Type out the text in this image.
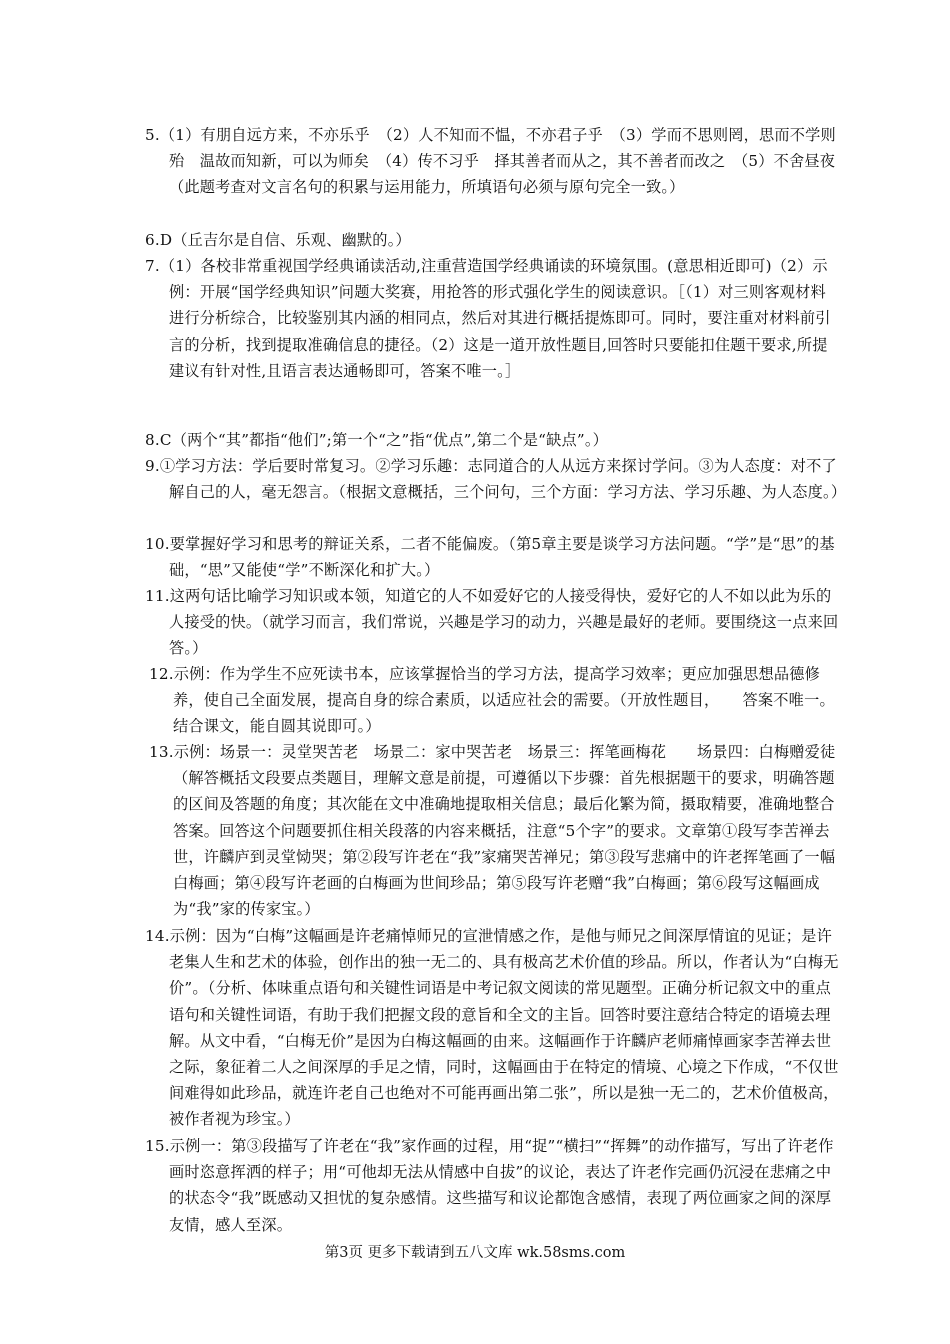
5.（1）有朋自远方来，不亦乐乎　（2）人不知而不愠，不亦君子乎　（3）学而不思则罔，思而不学则殆　温故而知新，可以为师矣　（4）传不习乎　择其善者而从之，其不善者而改之　（5）不舍昼夜（此题考查对文言名句的积累与运用能力，所填语句必须与原句完全一致。）
6.D（丘吉尔是自信、乐观、幽默的。）
7.（1）各校非常重视国学经典诵读活动,注重营造国学经典诵读的环境氛围。(意思相近即可)（2）示例：开展“国学经典知识”问题大奖赛，用抢答的形式强化学生的阅读意识。［（1）对三则客观材料进行分析综合，比较鉴别其内涵的相同点，然后对其进行概括提炼即可。同时，要注重对材料前引言的分析，找到提取准确信息的捷径。（2）这是一道开放性题目,回答时只要能扣住题干要求,所提建议有针对性,且语言表达通畅即可，答案不唯一。］
8.C（两个“其”都指“他们”;第一个“之”指“优点”,第二个是“缺点”。）
9.①学习方法：学后要时常复习。②学习乐趣：志同道合的人从远方来探讨学问。③为人态度：对不了解自己的人，毫无怨言。（根据文意概括，三个问句，三个方面：学习方法、学习乐趣、为人态度。）
10.要掌握好学习和思考的辩证关系，二者不能偏废。（第5章主要是谈学习方法问题。“学”是“思”的基础，“思”又能使“学”不断深化和扩大。）
11.这两句话比喻学习知识或本领，知道它的人不如爱好它的人接受得快，爱好它的人不如以此为乐的人接受的快。（就学习而言，我们常说，兴趣是学习的动力，兴趣是最好的老师。要围绕这一点来回答。）
12.示例：作为学生不应死读书本，应该掌握恰当的学习方法，提高学习效率；更应加强思想品德修养，使自己全面发展，提高自身的综合素质，以适应社会的需要。（开放性题目，　　答案不唯一。结合课文，能自圆其说即可。）
13.示例：场景一：灵堂哭苦老　场景二：家中哭苦老　场景三：挥笔画梅花　　场景四：白梅赠爱徒（解答概括文段要点类题目，理解文意是前提，可遵循以下步骤：首先根据题干的要求，明确答题的区间及答题的角度；其次能在文中准确地提取相关信息；最后化繁为简，摄取精要，准确地整合答案。回答这个问题要抓住相关段落的内容来概括，注意“5个字”的要求。文章第①段写李苦禅去世，许麟庐到灵堂恸哭；第②段写许老在“我”家痛哭苦禅兄；第③段写悲痛中的许老挥笔画了一幅白梅画；第④段写许老画的白梅画为世间珍品；第⑤段写许老赠“我”白梅画；第⑥段写这幅画成为“我”家的传家宝。）
14.示例：因为“白梅”这幅画是许老痛悼师兄的宣泄情感之作，是他与师兄之间深厚情谊的见证；是许老集人生和艺术的体验，创作出的独一无二的、具有极高艺术价值的珍品。所以，作者认为“白梅无价”。（分析、体味重点语句和关键性词语是中考记叙文阅读的常见题型。正确分析记叙文中的重点语句和关键性词语，有助于我们把握文段的意旨和全文的主旨。回答时要注意结合特定的语境去理解。从文中看，“白梅无价”是因为白梅这幅画的由来。这幅画作于许麟庐老师痛悼画家李苦禅去世之际，象征着二人之间深厚的手足之情，同时，这幅画由于在特定的情境、心境之下作成，“不仅世间难得如此珍品，就连许老自己也绝对不可能再画出第二张”，所以是独一无二的，艺术价值极高，被作者视为珍宝。）
15.示例一：第③段描写了许老在“我”家作画的过程，用“捉”“横扫”“挥舞”的动作描写，写出了许老作画时恣意挥洒的样子；用“可他却无法从情感中自拔”的议论，表达了许老作完画仍沉浸在悲痛之中的状态令“我”既感动又担忧的复杂感情。这些描写和议论都饱含感情，表现了两位画家之间的深厚友情，感人至深。
第3页 更多下载请到五八文库 wk.58sms.com
